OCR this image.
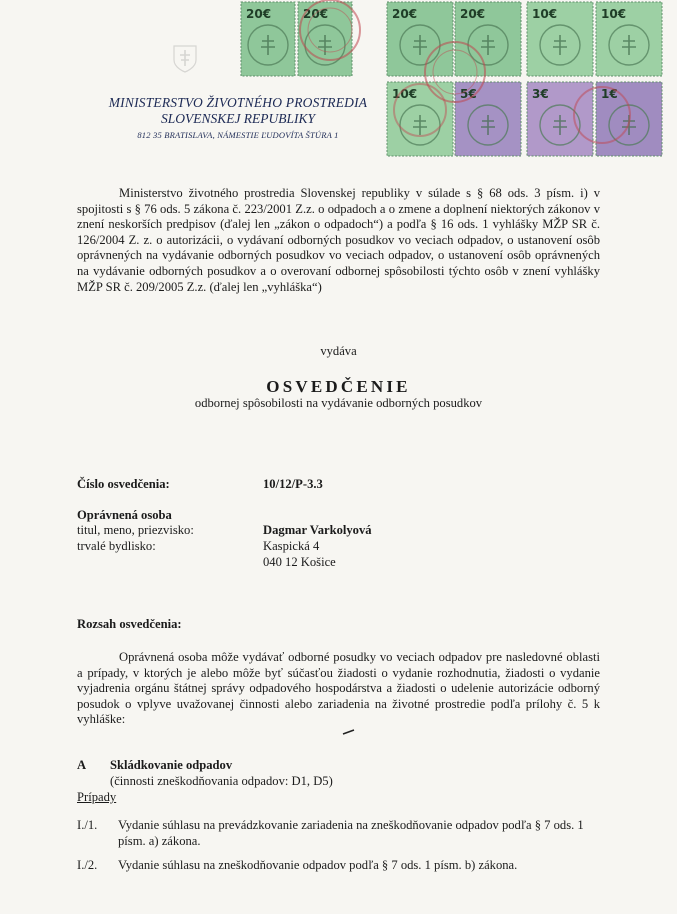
MINISTERSTVO ŽIVOTNÉHO PROSTREDIA
SLOVENSKEJ REPUBLIKY
812 35 BRATISLAVA, NÁMESTIE ĽUDOVÍTA ŠTÚRA 1
20€	20€	20€	20€	10€	10€
10€	5€	3€	1€
Ministerstvo životného prostredia Slovenskej republiky v súlade s § 68 ods. 3 písm. i) v spojitosti s § 76 ods. 5 zákona č. 223/2001 Z.z. o odpadoch a o zmene a doplnení niektorých zákonov v znení neskorších predpisov (ďalej len „zákon o odpadoch“) a podľa § 16 ods. 1 vyhlášky MŽP SR č. 126/2004 Z. z. o autorizácii, o vydávaní odborných posudkov vo veciach odpadov, o ustanovení osôb oprávnených na vydávanie odborných posudkov vo veciach odpadov, o ustanovení osôb oprávnených na vydávanie odborných posudkov a o overovaní odbornej spôsobilosti týchto osôb v znení vyhlášky MŽP SR č. 209/2005 Z.z. (ďalej len „vyhláška“)
vydáva
OSVEDČENIE
odbornej spôsobilosti na vydávanie odborných posudkov
Číslo osvedčenia:	10/12/P-3.3
Oprávnená osoba
titul, meno, priezvisko:	Dagmar Varkolyová
trvalé bydlisko:	Kaspická 4
040 12 Košice
Rozsah osvedčenia:
Oprávnená osoba môže vydávať odborné posudky vo veciach odpadov pre nasledovné oblasti a prípady, v ktorých je alebo môže byť súčasťou žiadosti o vydanie rozhodnutia, žiadosti o vydanie vyjadrenia orgánu štátnej správy odpadového hospodárstva a žiadosti o udelenie autorizácie odborný posudok o vplyve uvažovanej činnosti alebo zariadenia na životné prostredie podľa prílohy č. 5 k vyhláške:
A Skládkovanie odpadov
(činnosti zneškodňovania odpadov: D1, D5)
Prípady
I./1. Vydanie súhlasu na prevádzkovanie zariadenia na zneškodňovanie odpadov podľa § 7 ods. 1 písm. a) zákona.
I./2. Vydanie súhlasu na zneškodňovanie odpadov podľa § 7 ods. 1 písm. b) zákona.
